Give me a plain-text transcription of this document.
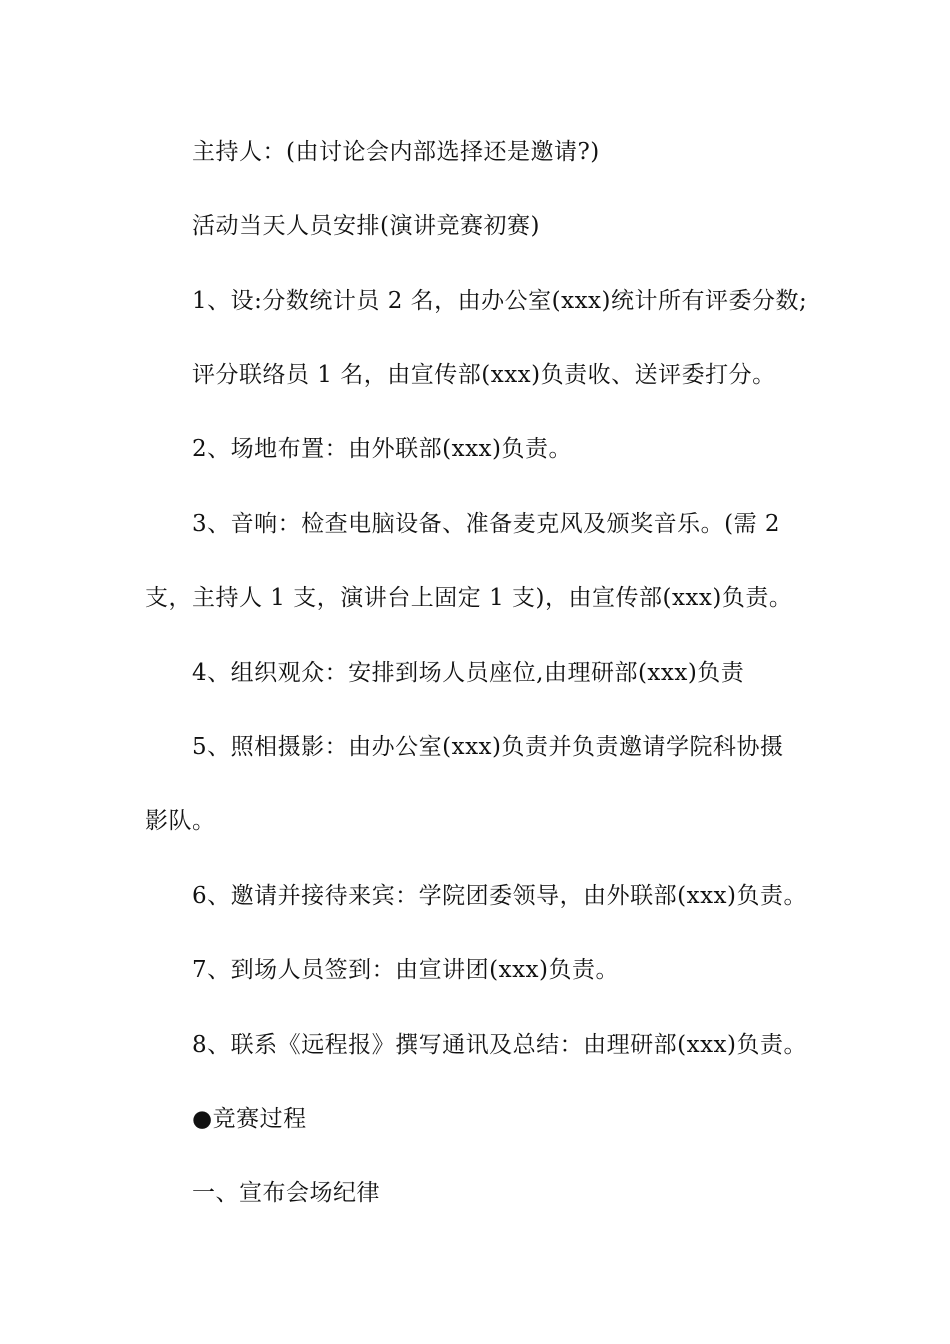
主持人：(由讨论会内部选择还是邀请?)
活动当天人员安排(演讲竞赛初赛)
1、设:分数统计员 2 名，由办公室(xxx)统计所有评委分数;
评分联络员 1 名，由宣传部(xxx)负责收、送评委打分。
2、场地布置：由外联部(xxx)负责。
3、音响：检查电脑设备、准备麦克风及颁奖音乐。(需 2
支，主持人 1 支，演讲台上固定 1 支)，由宣传部(xxx)负责。
4、组织观众：安排到场人员座位,由理研部(xxx)负责
5、照相摄影：由办公室(xxx)负责并负责邀请学院科协摄
影队。
6、邀请并接待来宾：学院团委领导，由外联部(xxx)负责。
7、到场人员签到：由宣讲团(xxx)负责。
8、联系《远程报》撰写通讯及总结：由理研部(xxx)负责。
●竞赛过程
一、宣布会场纪律
